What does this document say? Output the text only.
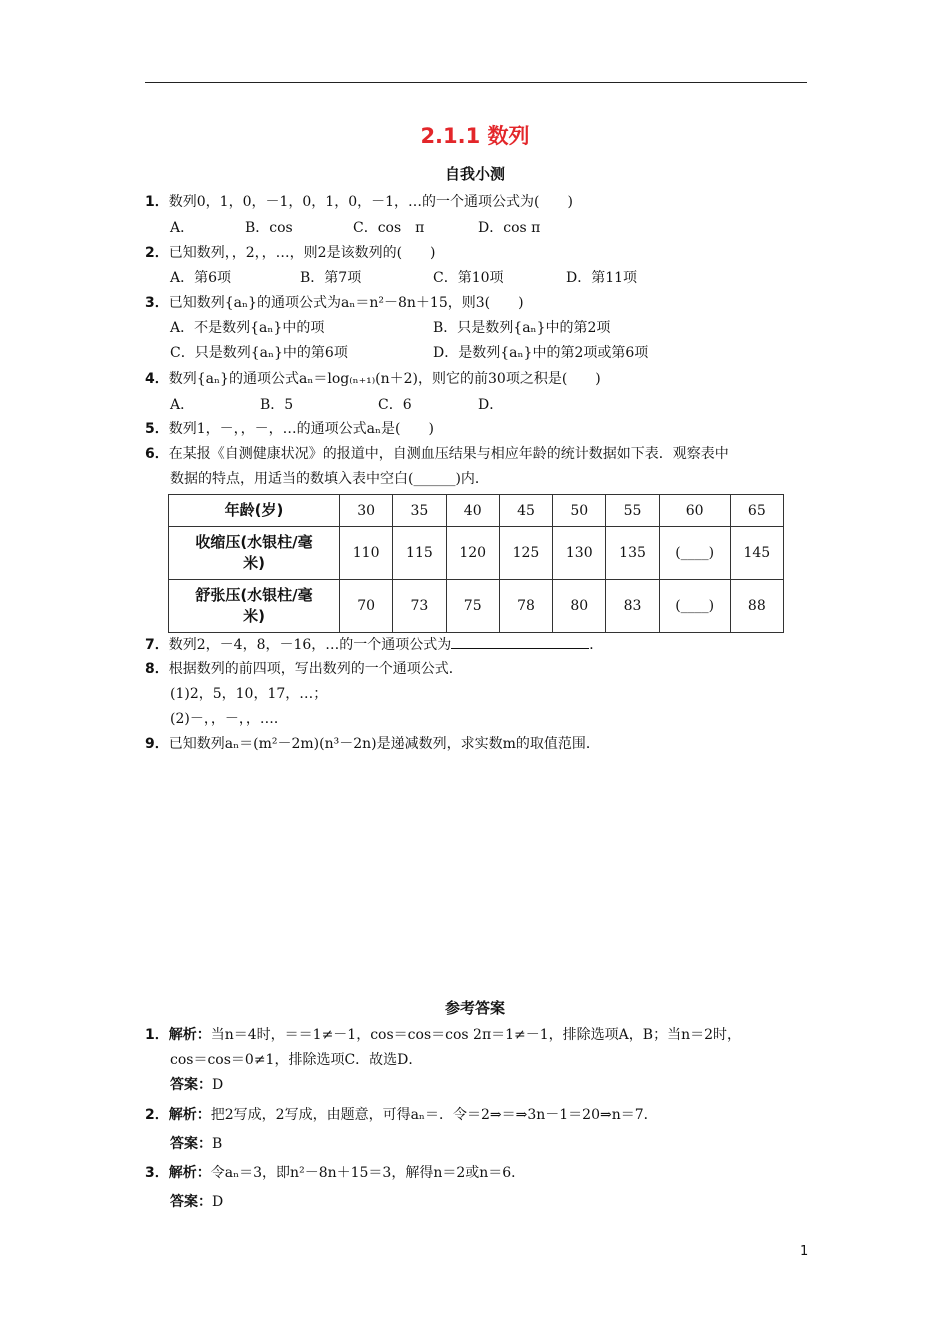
2.1.1 数列
自我小测
1．数列0，1，0，－1，0，1，0，－1，…的一个通项公式为(　　)
A．	B．cos	C．cos　π	D．cos π
2．已知数列，，2，，…，则2是该数列的(　　)
A．第6项	B．第7项	C．第10项	D．第11项
3．已知数列{aₙ}的通项公式为aₙ＝n²－8n＋15，则3(　　)
A．不是数列{aₙ}中的项	B．只是数列{aₙ}中的第2项
C．只是数列{aₙ}中的第6项	D．是数列{aₙ}中的第2项或第6项
4．数列{aₙ}的通项公式aₙ＝log₍ₙ₊₁₎(n＋2)，则它的前30项之积是(　　)
A．	B．5	C．6	D．
5．数列1，－，，－，…的通项公式aₙ是(　　)
6．在某报《自测健康状况》的报道中，自测血压结果与相应年龄的统计数据如下表．观察表中
数据的特点，用适当的数填入表中空白(______)内．
年龄(岁)	30	35	40	45	50	55	60	65

收缩压(水银柱/毫
米)	110	115	120	125	130	135	(____)	145

舒张压(水银柱/毫
米)	70	73	75	78	80	83	(____)	88
7．数列2，－4，8，－16，…的一个通项公式为	．
8．根据数列的前四项，写出数列的一个通项公式．
(1)2，5，10，17，…；
(2)－，，－，，…．
9．已知数列aₙ＝(m²－2m)(n³－2n)是递减数列，求实数m的取值范围．
参考答案
1．解析：当n＝4时，＝＝1≠－1，cos＝cos＝cos 2π＝1≠－1，排除选项A，B；当n＝2时，
cos＝cos＝0≠1，排除选项C．故选D．
答案：D
2．解析：把2写成，2写成，由题意，可得aₙ＝．令＝2⇒＝⇒3n－1＝20⇒n＝7．
答案：B
3．解析：令aₙ＝3，即n²－8n＋15＝3，解得n＝2或n＝6．
答案：D
1
